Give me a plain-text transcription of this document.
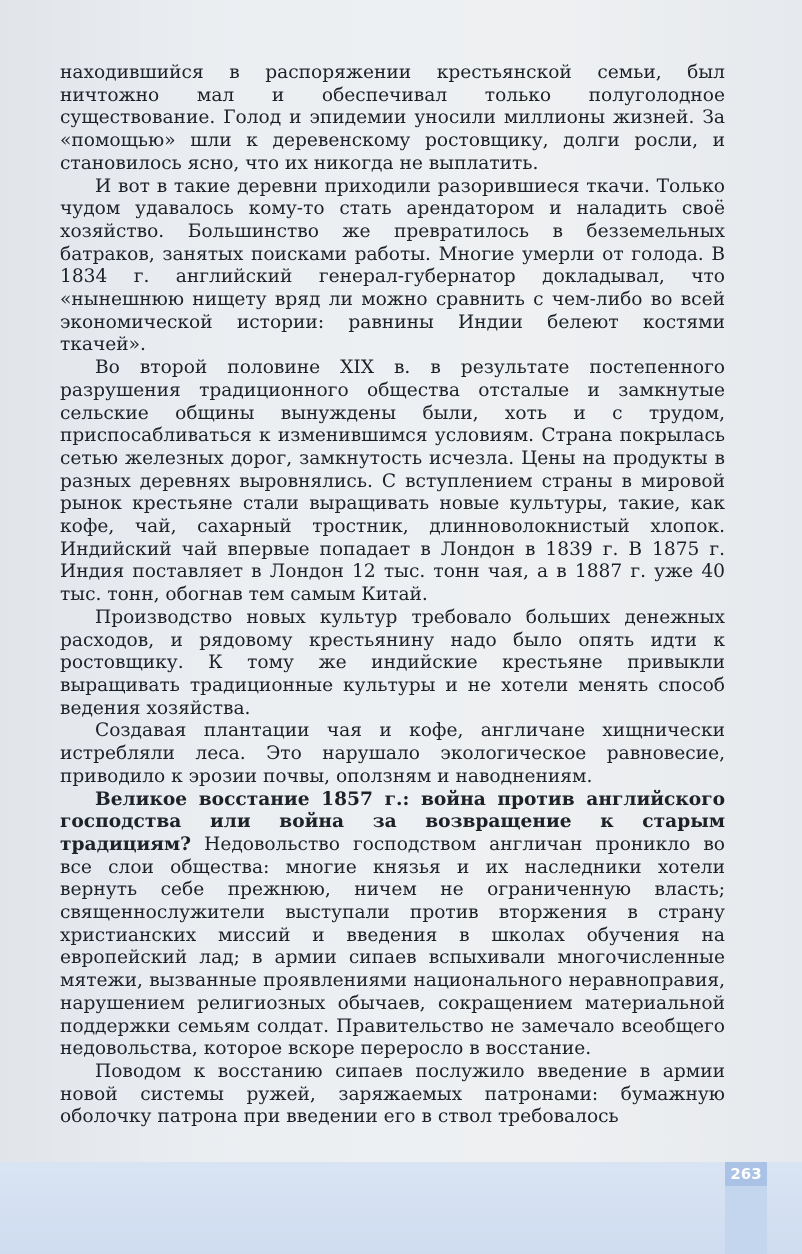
находившийся в распоряжении крестьянской семьи, был ничтожно мал и обеспечивал только полуголодное существование. Голод и эпидемии уносили миллионы жизней. За «помощью» шли к деревенскому ростовщику, долги росли, и становилось ясно, что их никогда не выплатить.

И вот в такие деревни приходили разорившиеся ткачи. Только чудом удавалось кому-то стать арендатором и наладить своё хозяйство. Большинство же превратилось в безземельных батраков, занятых поисками работы. Многие умерли от голода. В 1834 г. английский генерал-губернатор докладывал, что «нынешнюю нищету вряд ли можно сравнить с чем-либо во всей экономической истории: равнины Индии белеют костями ткачей».

Во второй половине XIX в. в результате постепенного разрушения традиционного общества отсталые и замкнутые сельские общины вынуждены были, хоть и с трудом, приспосабливаться к изменившимся условиям. Страна покрылась сетью железных дорог, замкнутость исчезла. Цены на продукты в разных деревнях выровнялись. С вступлением страны в мировой рынок крестьяне стали выращивать новые культуры, такие, как кофе, чай, сахарный тростник, длинноволокнистый хлопок. Индийский чай впервые попадает в Лондон в 1839 г. В 1875 г. Индия поставляет в Лондон 12 тыс. тонн чая, а в 1887 г. уже 40 тыс. тонн, обогнав тем самым Китай.

Производство новых культур требовало больших денежных расходов, и рядовому крестьянину надо было опять идти к ростовщику. К тому же индийские крестьяне привыкли выращивать традиционные культуры и не хотели менять способ ведения хозяйства.

Создавая плантации чая и кофе, англичане хищнически истребляли леса. Это нарушало экологическое равновесие, приводило к эрозии почвы, оползням и наводнениям.

Великое восстание 1857 г.: война против английского господства или война за возвращение к старым традициям? Недовольство господством англичан проникло во все слои общества: многие князья и их наследники хотели вернуть себе прежнюю, ничем не ограниченную власть; священнослужители выступали против вторжения в страну христианских миссий и введения в школах обучения на европейский лад; в армии сипаев вспыхивали многочисленные мятежи, вызванные проявлениями национального неравноправия, нарушением религиозных обычаев, сокращением материальной поддержки семьям солдат. Правительство не замечало всеобщего недовольства, которое вскоре переросло в восстание.

Поводом к восстанию сипаев послужило введение в армии новой системы ружей, заряжаемых патронами: бумажную оболочку патрона при введении его в ствол требовалось

263
